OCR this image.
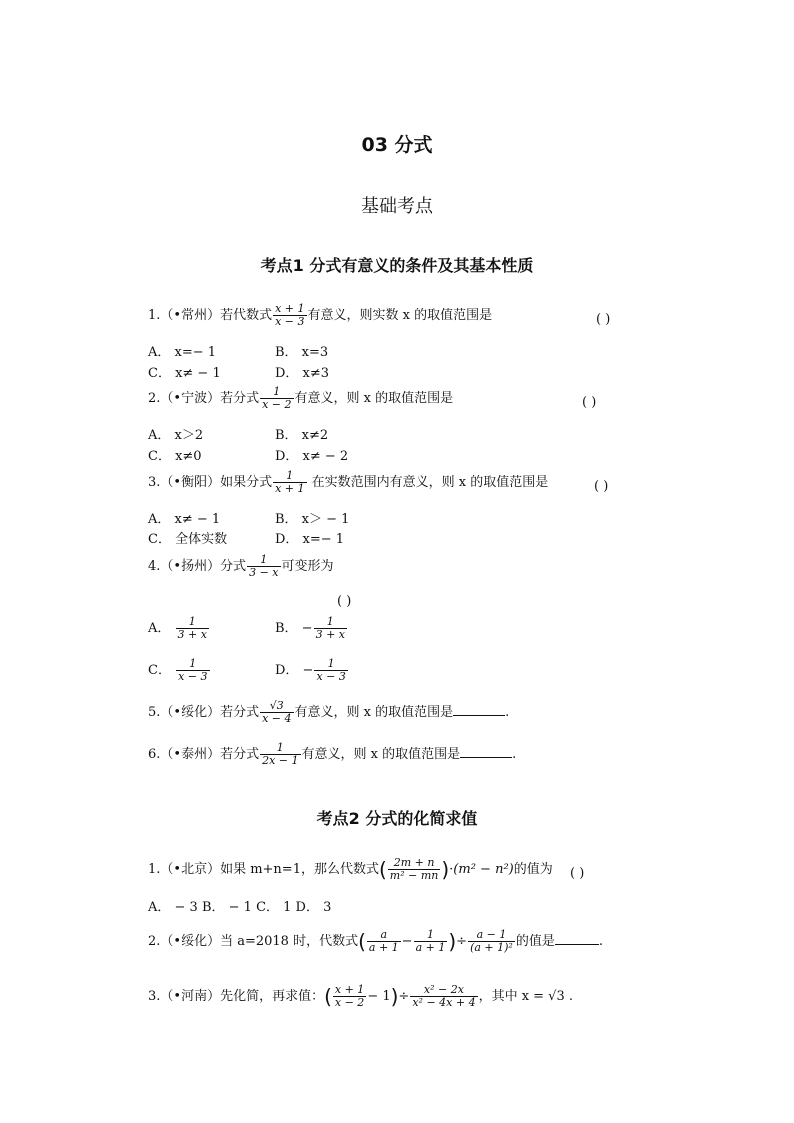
03 分式
基础考点
考点1 分式有意义的条件及其基本性质
1.（•常州）若代数式 $\frac{x + 1}{x - 3}$ 有意义，则实数 x 的取值范围是	( )
A． x=− 1	B． x=3
C． x≠ − 1	D． x≠3
2.（•宁波）若分式 $\frac{1}{x - 2}$ 有意义，则 x 的取值范围是	( )
A． x＞2	B． x≠2
C． x≠0	D． x≠ − 2
3.（•衡阳）如果分式 $\frac{1}{x + 1}$ 在实数范围内有意义，则 x 的取值范围是	( )
A． x≠ − 1	B． x＞ − 1
C． 全体实数	D． x=− 1
4.（•扬州）分式 $\frac{1}{3 - x}$ 可变形为
( )
A． $\frac{1}{3 + x}$	B． − $\frac{1}{3 + x}$
C． $\frac{1}{x - 3}$	D． − $\frac{1}{x - 3}$
5.（•绥化）若分式 $\frac{√3}{x - 4}$ 有意义，则 x 的取值范围是	.
6.（•泰州）若分式 $\frac{1}{2x - 1}$ 有意义，则 x 的取值范围是	.
考点2 分式的化简求值
1.（•北京）如果 m+n=1，那么代数式( $\frac{2m + n}{\text{m² − mn}} )\cdot(m^2 - n^2)$的值为 ( )
A． − 3 B． − 1 C． 1 D． 3
2.（•绥化）当 a=2018 时，代数式( $\frac{a}{a + 1} - \frac{1}{a + 1}$ )÷ $\frac{a - 1}{\text{(a + 1)²}}$ 的值是	.
3.（•河南）先化简，再求值：( $\frac{x + 1}{x - 2} - 1)\div \frac{\text{x² − 2x}}{\text{x² − 4x + 4}}$ ，其中 x = √3 .
